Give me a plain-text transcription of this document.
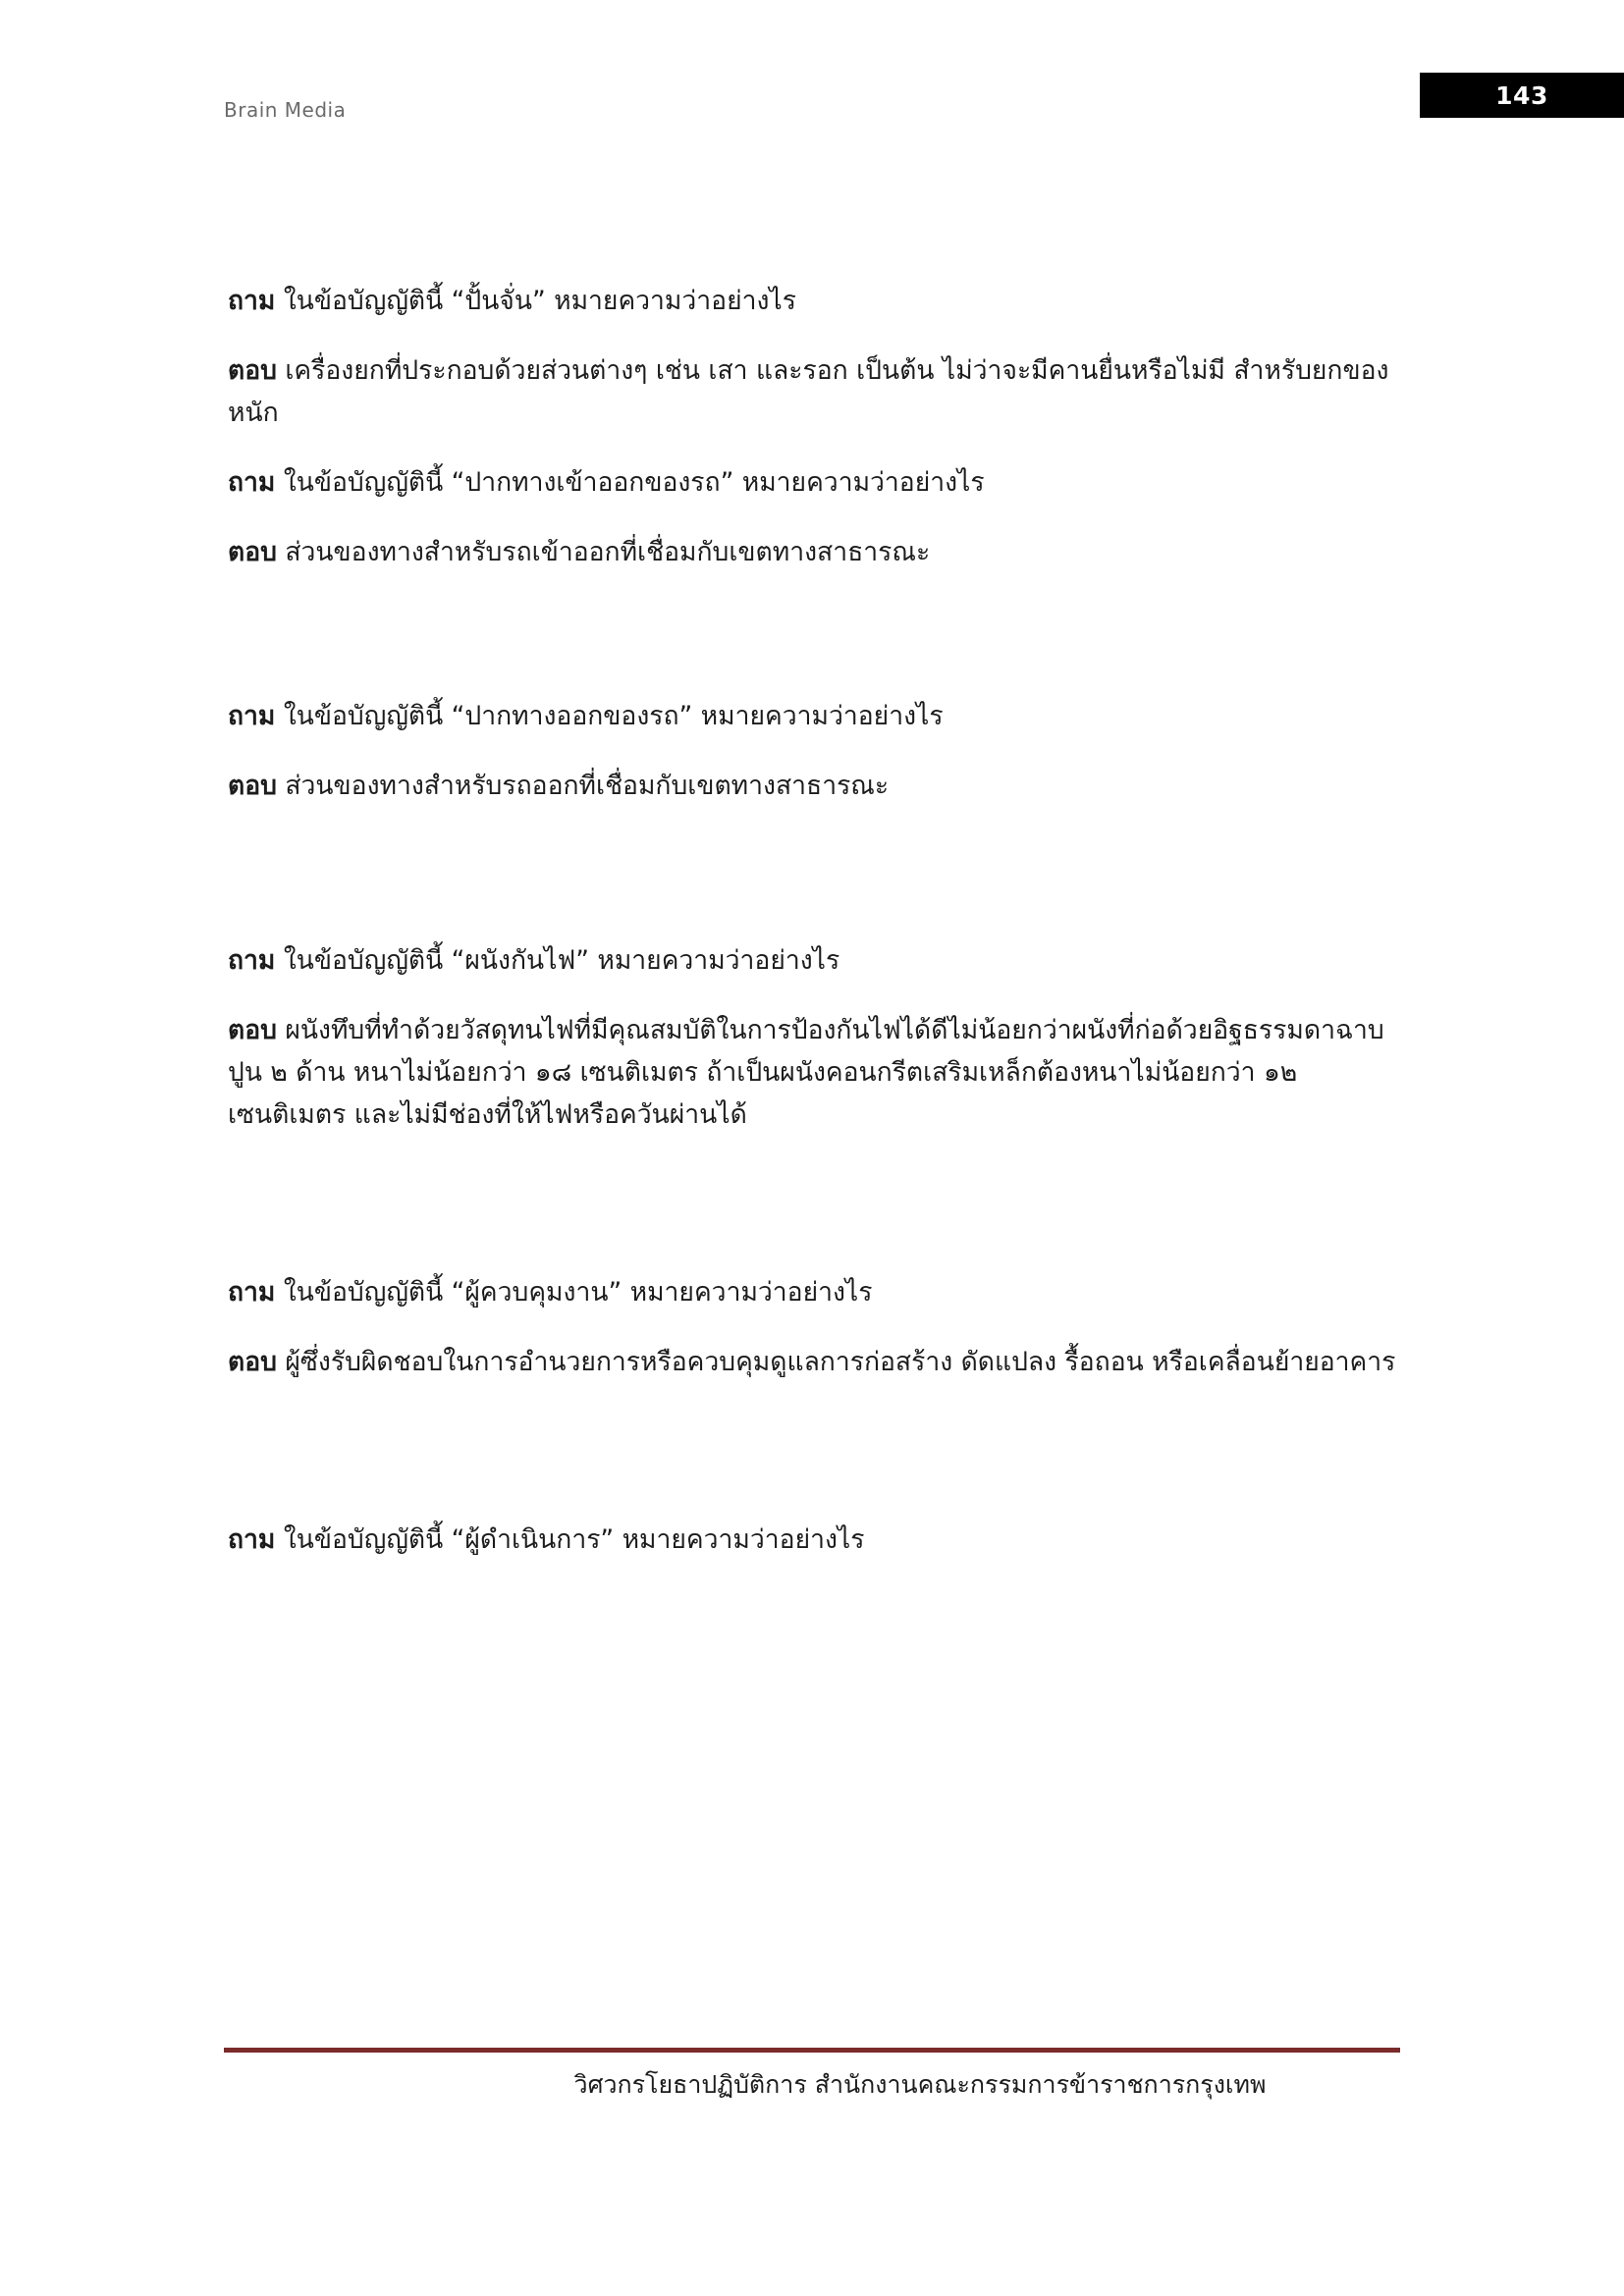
Brain Media
143
ถาม ในข้อบัญญัตินี้ “ปั้นจั่น” หมายความว่าอย่างไร
ตอบ เครื่องยกที่ประกอบด้วยส่วนต่างๆ เช่น เสา และรอก เป็นต้น ไม่ว่าจะมีคานยื่นหรือไม่มี สำหรับยกของหนัก
ถาม ในข้อบัญญัตินี้ “ปากทางเข้าออกของรถ” หมายความว่าอย่างไร
ตอบ ส่วนของทางสำหรับรถเข้าออกที่เชื่อมกับเขตทางสาธารณะ
ถาม ในข้อบัญญัตินี้ “ปากทางออกของรถ” หมายความว่าอย่างไร
ตอบ ส่วนของทางสำหรับรถออกที่เชื่อมกับเขตทางสาธารณะ
ถาม ในข้อบัญญัตินี้ “ผนังกันไฟ” หมายความว่าอย่างไร
ตอบ ผนังทึบที่ทำด้วยวัสดุทนไฟที่มีคุณสมบัติในการป้องกันไฟได้ดีไม่น้อยกว่าผนังที่ก่อด้วยอิฐธรรมดาฉาบปูน ๒ ด้าน หนาไม่น้อยกว่า ๑๘ เซนติเมตร ถ้าเป็นผนังคอนกรีตเสริมเหล็กต้องหนาไม่น้อยกว่า ๑๒ เซนติเมตร และไม่มีช่องที่ให้ไฟหรือควันผ่านได้
ถาม ในข้อบัญญัตินี้ “ผู้ควบคุมงาน” หมายความว่าอย่างไร
ตอบ ผู้ซึ่งรับผิดชอบในการอำนวยการหรือควบคุมดูแลการก่อสร้าง ดัดแปลง รื้อถอน หรือเคลื่อนย้ายอาคาร
ถาม ในข้อบัญญัตินี้ “ผู้ดำเนินการ” หมายความว่าอย่างไร
วิศวกรโยธาปฏิบัติการ สำนักงานคณะกรรมการข้าราชการกรุงเทพ
